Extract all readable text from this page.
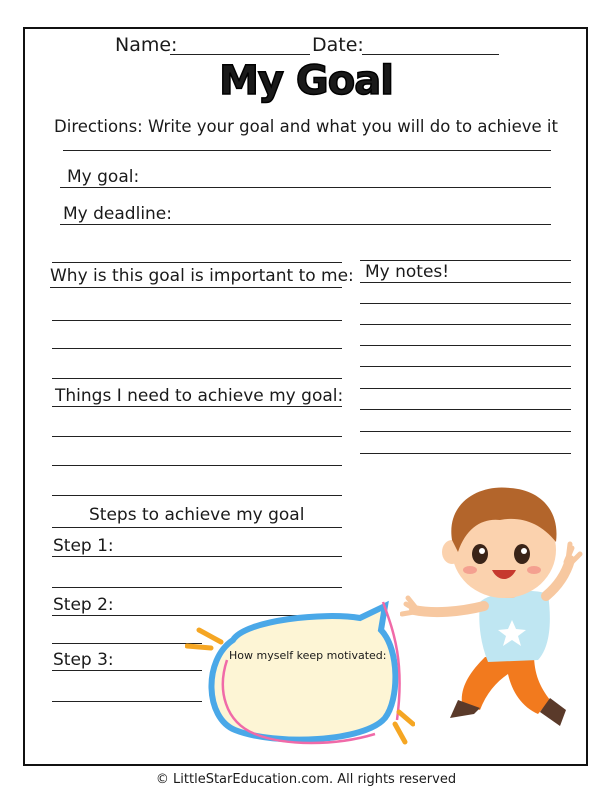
Name:	Date:
My Goal
Directions: Write your goal and what you will do to achieve it
My goal:
My deadline:
Why is this goal is important to me:
Things I need to achieve my goal:
My notes!
Steps to achieve my goal
Step 1:
Step 2:
Step 3:	How myself keep motivated:
© LittleStarEducation.com. All rights reserved
